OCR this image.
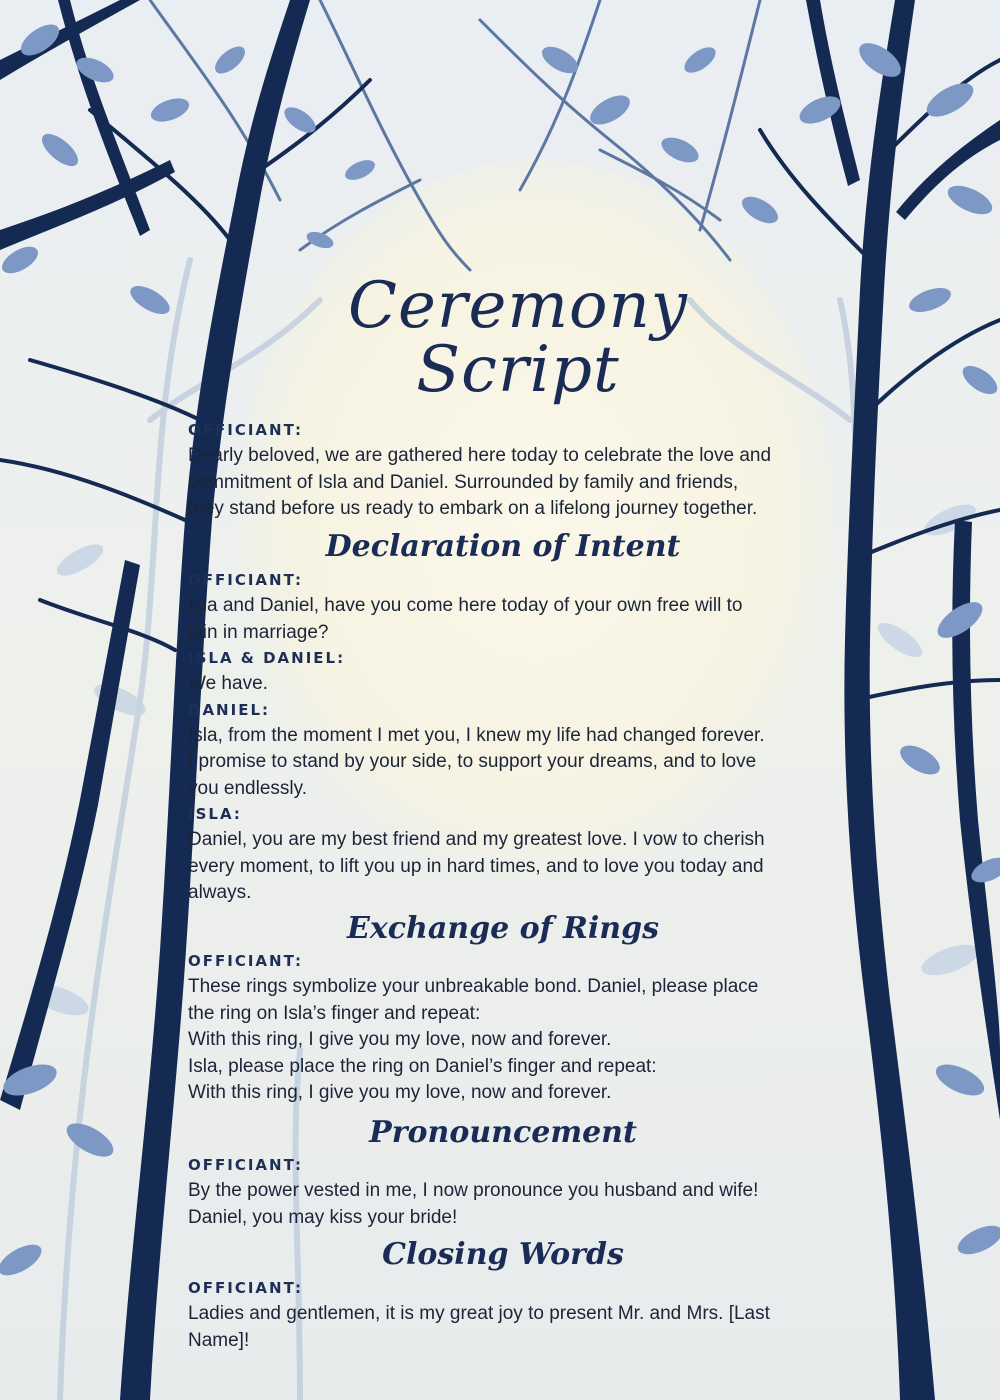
Ceremony Script
OFFICIANT:
Dearly beloved, we are gathered here today to celebrate the love and
commitment of Isla and Daniel. Surrounded by family and friends,
they stand before us ready to embark on a lifelong journey together.
Declaration of Intent
OFFICIANT:
Isla and Daniel, have you come here today of your own free will to
join in marriage?
ISLA & DANIEL:
We have.
DANIEL:
Isla, from the moment I met you, I knew my life had changed forever.
I promise to stand by your side, to support your dreams, and to love
you endlessly.
ISLA:
Daniel, you are my best friend and my greatest love. I vow to cherish
every moment, to lift you up in hard times, and to love you today and
always.
Exchange of Rings
OFFICIANT:
These rings symbolize your unbreakable bond. Daniel, please place
the ring on Isla’s finger and repeat:
With this ring, I give you my love, now and forever.
Isla, please place the ring on Daniel’s finger and repeat:
With this ring, I give you my love, now and forever.
Pronouncement
OFFICIANT:
By the power vested in me, I now pronounce you husband and wife!
Daniel, you may kiss your bride!
Closing Words
OFFICIANT:
Ladies and gentlemen, it is my great joy to present Mr. and Mrs. [Last
Name]!
